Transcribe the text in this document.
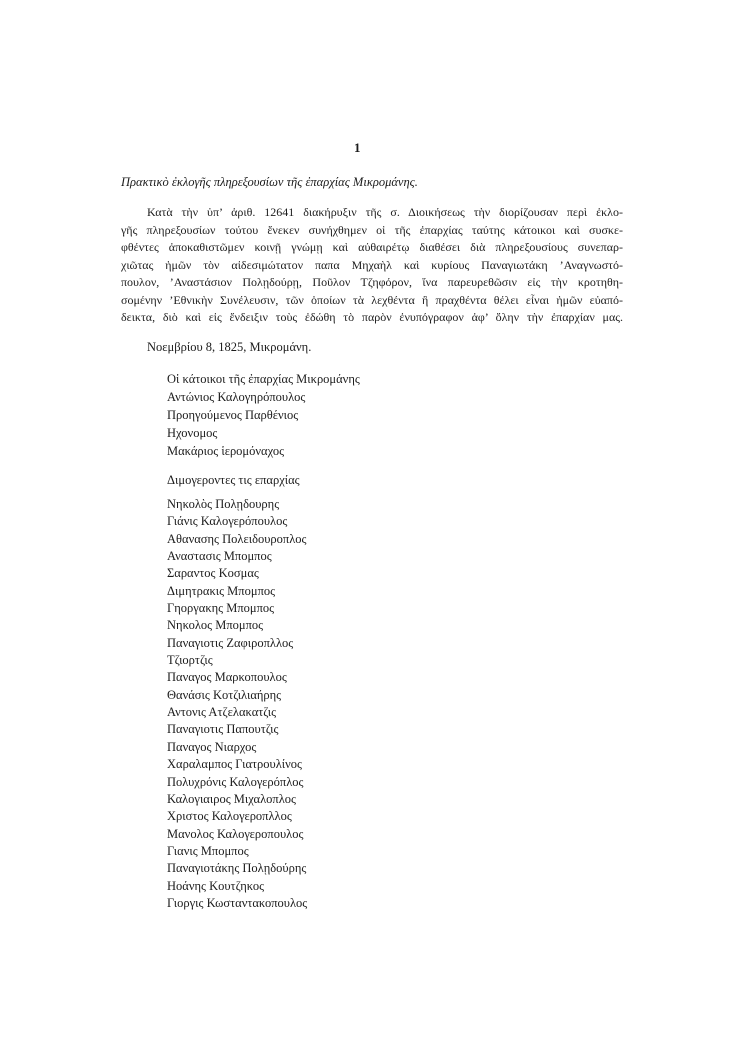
1
Πρακτικὸ ἐκλογῆς πληρεξουσίων τῆς ἐπαρχίας Μικρομάνης.
Κατὰ τὴν ὑπ’ ἀριθ. 12641 διακήρυξιν τῆς σ. Διοικήσεως τὴν διορίζουσαν περὶ ἐκλο-
γῆς πληρεξουσίων τούτου ἕνεκεν συνήχθημεν οἱ τῆς ἐπαρχίας ταύτης κάτοικοι καὶ συσκε-
φθέντες ἀποκαθιστῶμεν κοινῇ γνώμῃ καὶ αὐθαιρέτῳ διαθέσει διὰ πληρεξουσίους συνεπαρ-
χιῶτας ἡμῶν τὸν αἰδεσιμώτατον παπα Μηχαὴλ καὶ κυρίους Παναγιωτάκη ’Αναγνωστό-
πουλον, ’Αναστάσιον Πολῃδούρῃ, Ποῦλον Τζηφόρον, ἵνα παρευρεθῶσιν εἰς τὴν κροτηθη-
σομένην ’Εθνικὴν Συνέλευσιν, τῶν ὁποίων τὰ λεχθέντα ἢ πραχθέντα θέλει εἶναι ἡμῶν εὐαπό-
δεικτα, διὸ καὶ εἰς ἔνδειξιν τοὺς ἐδώθη τὸ παρὸν ἐνυπόγραφον ἀφ’ ὅλην τὴν ἐπαρχίαν μας.
Νοεμβρίου 8, 1825, Μικρομάνη.
Οἱ κάτοικοι τῆς ἐπαρχίας Μικρομάνης
Αντώνιος Καλογηρόπουλος
Προηγούμενος Παρθένιος
Ηχονομος
Μακάριος ἱερομόναχος
Διμογεροντες τις επαρχίας
Νηκολὸς Πολῃδουρης
Γιάνις Καλογερόπουλος
Αθανασης Πολειδουροπλος
Αναστασις Μπομπος
Σαραντος Κοσμας
Διμητρακις Μπομπος
Γηοργακης Μπομπος
Νηκολος Μπομπος
Παναγιοτις Ζαφιροπλλος
Τζιορτζις
Παναγος Μαρκοπουλος
Θανάσις Κοτζιλιαήρης
Αντονις Ατζελακατζις
Παναγιοτις Παπουτζις
Παναγος Νιαρχος
Χαραλαμπος Γιατρουλίνος
Πολυχρόνις Καλογερόπλος
Καλογιαιρος Μιχαλοπλος
Χριστος Καλογεροπλλος
Μανολος Καλογεροπουλος
Γιανις Μπομπος
Παναγιοτάκης Πολῃδούρης
Ηοάνης Κουτζηκος
Γιοργις Κωσταντακοπουλος
